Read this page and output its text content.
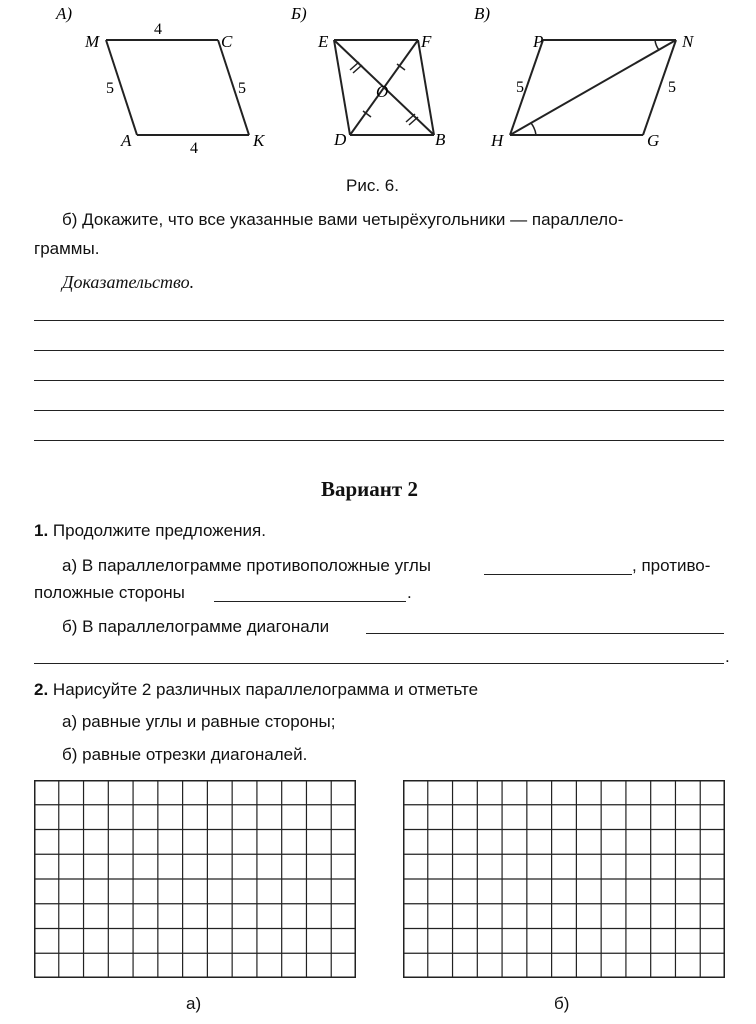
А)
M	C
A	K
4
4
5	5
Б)
E	F
D	B
O
В)
P	N
H	G
5	5
Рис. 6.
б) Докажите, что все указанные вами четырёхугольники — параллело-
граммы.
Доказательство.
Вариант 2
1. Продолжите предложения.
а) В параллелограмме противоположные углы	, противо-
положные стороны	.
б) В параллелограмме диагонали
.
2. Нарисуйте 2 различных параллелограмма и отметьте
а) равные углы и равные стороны;
б) равные отрезки диагоналей.
а)	б)
